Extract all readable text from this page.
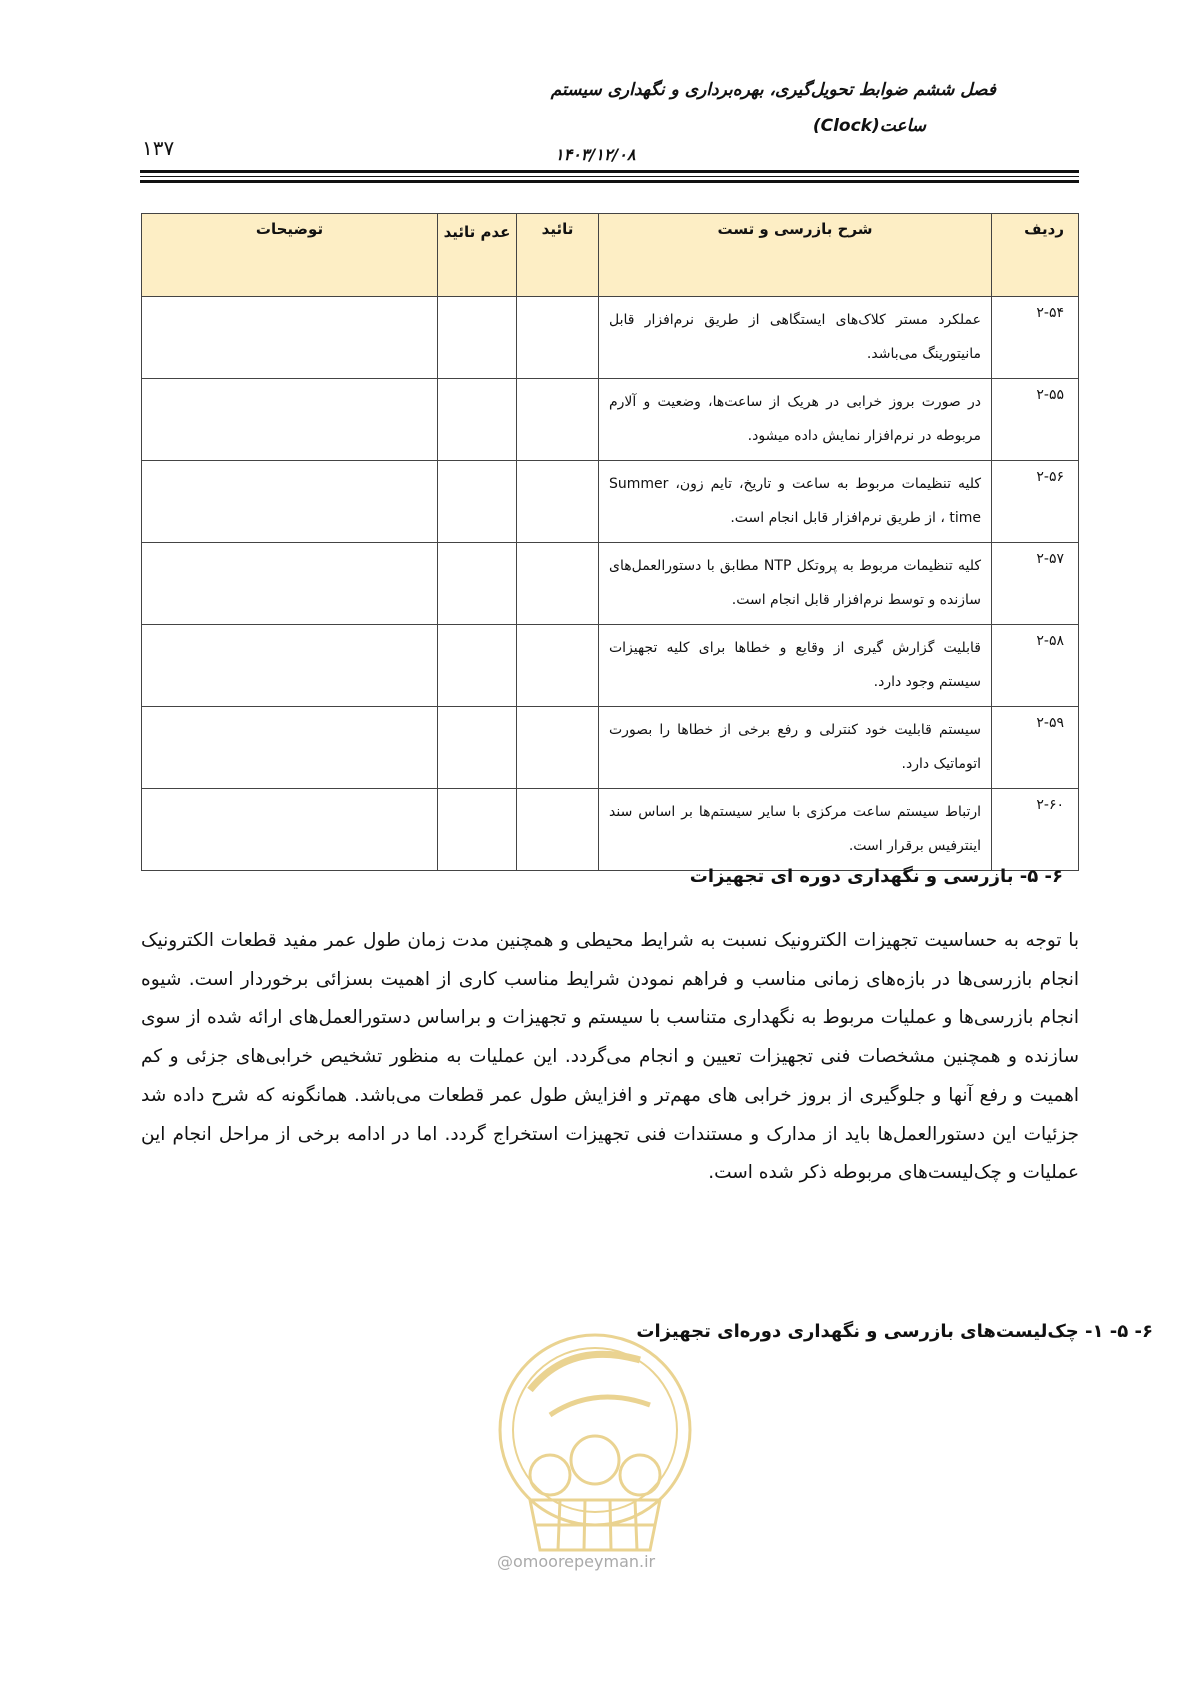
فصل ششم ضوابط تحویل‌گیری، بهره‌برداری و نگهداری سیستم
ساعت(Clock)
۱۴۰۳/۱۲/۰۸
۱۳۷
ردیف	شرح بازرسی و تست	تائید	عدم تائید	توضیحات
۲-۵۴	عملکرد مستر کلاک‌های ایستگاهی از طریق نرم‌افزار قابل مانیتورینگ می‌باشد.			
۲-۵۵	در صورت بروز خرابی در هریک از ساعت‌ها، وضعیت و آلارم مربوطه در نرم‌افزار نمایش داده میشود.			
۲-۵۶	کلیه تنظیمات مربوط به ساعت و تاریخ، تایم زون، Summer time ، از طریق نرم‌افزار قابل انجام است.			
۲-۵۷	کلیه تنظیمات مربوط به پروتکل NTP مطابق با دستورالعمل‌های سازنده و توسط نرم‌افزار قابل انجام است.			
۲-۵۸	قابلیت گزارش گیری از وقایع و خطاها برای کلیه تجهیزات سیستم وجود دارد.			
۲-۵۹	سیستم قابلیت خود کنترلی و رفع برخی از خطاها را بصورت اتوماتیک دارد.			
۲-۶۰	ارتباط سیستم ساعت مرکزی با سایر سیستم‌ها بر اساس سند اینترفیس برقرار است.			
۶- ۵- بازرسی و نگهداری دوره ای تجهیزات
با توجه به حساسیت تجهیزات الکترونیک نسبت به شرایط محیطی و همچنین مدت زمان طول عمر مفید قطعات الکترونیک انجام بازرسی‌ها در بازه‌های زمانی مناسب و فراهم نمودن شرایط مناسب کاری از اهمیت بسزائی برخوردار است. شیوه انجام بازرسی‌ها و عملیات مربوط به نگهداری متناسب با سیستم و تجهیزات و براساس دستورالعمل‌های ارائه شده از سوی سازنده و همچنین مشخصات فنی تجهیزات تعیین و انجام می‌گردد. این عملیات به منظور تشخیص خرابی‌های جزئی و کم اهمیت و رفع آنها و جلوگیری از بروز خرابی های مهم‌تر و افزایش طول عمر قطعات می‌باشد. همانگونه که شرح داده شد جزئیات این دستورالعمل‌ها باید از مدارک و مستندات فنی تجهیزات استخراج گردد. اما در ادامه برخی از مراحل انجام این عملیات و چک‌لیست‌های مربوطه ذکر شده است.
@omoorepeyman.ir
۶- ۵- ۱- چک‌لیست‌های بازرسی و نگهداری دوره‌ای تجهیزات
